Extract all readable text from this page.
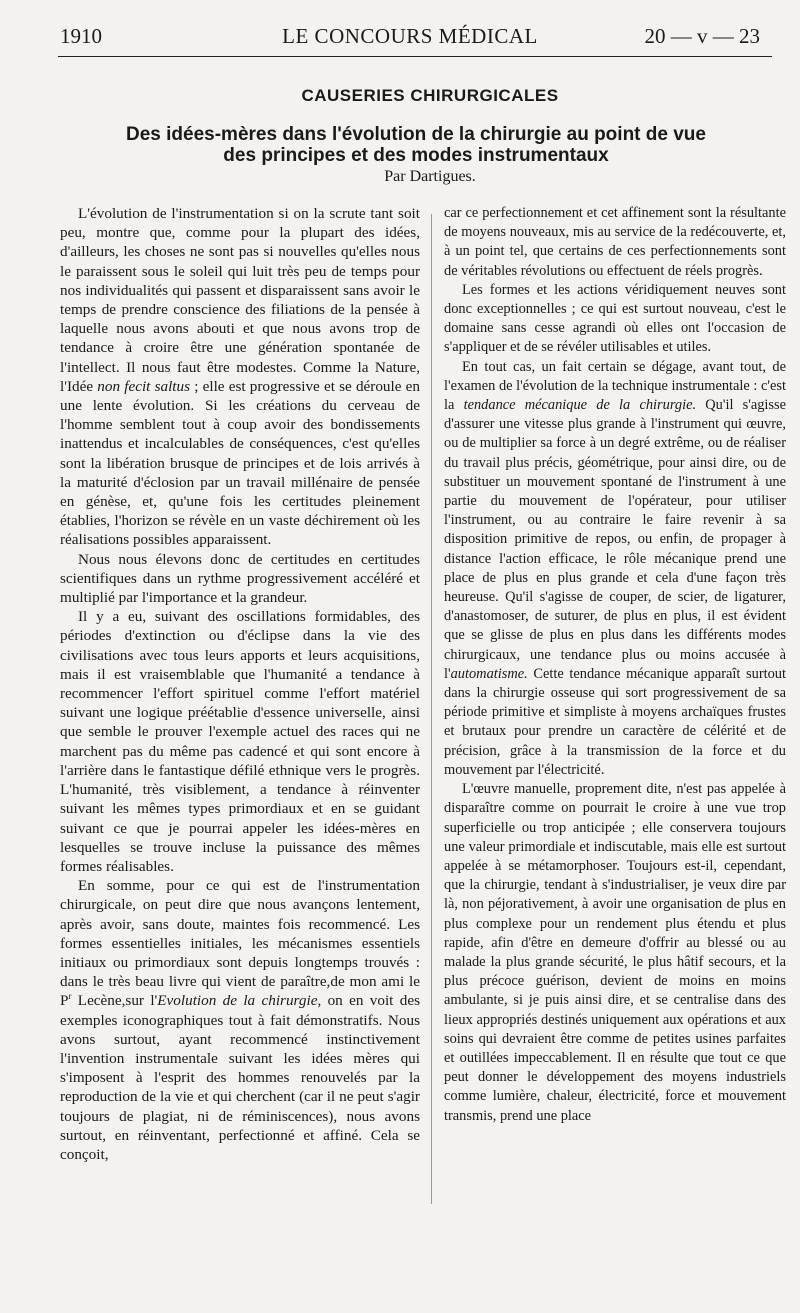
1910	LE CONCOURS MÉDICAL	20 — v — 23
CAUSERIES CHIRURGICALES
Des idées-mères dans l'évolution de la chirurgie au point de vue
des principes et des modes instrumentaux
Par Dartigues.

L'évolution de l'instrumentation si on la scrute tant soit peu, montre que, comme pour la plupart des idées, d'ailleurs, les choses ne sont pas si nouvelles qu'elles nous le paraissent sous le soleil qui luit très peu de temps pour nos individualités qui passent et disparaissent sans avoir le temps de prendre conscience des filiations de la pensée à laquelle nous avons abouti et que nous avons trop de tendance à croire être une génération spontanée de l'intellect. Il nous faut être modestes. Comme la Nature, l'Idée non fecit saltus ; elle est progressive et se déroule en une lente évolution. Si les créations du cerveau de l'homme semblent tout à coup avoir des bondissements inattendus et incalculables de conséquences, c'est qu'elles sont la libération brusque de principes et de lois arrivés à la maturité d'éclosion par un travail millénaire de pensée en génèse, et, qu'une fois les certitudes pleinement établies, l'horizon se révèle en un vaste déchirement où les réalisations possibles apparaissent.

Nous nous élevons donc de certitudes en certitudes scientifiques dans un rythme progressivement accéléré et multiplié par l'importance et la grandeur.

Il y a eu, suivant des oscillations formidables, des périodes d'extinction ou d'éclipse dans la vie des civilisations avec tous leurs apports et leurs acquisitions, mais il est vraisemblable que l'humanité a tendance à recommencer l'effort spirituel comme l'effort matériel suivant une logique préétablie d'essence universelle, ainsi que semble le prouver l'exemple actuel des races qui ne marchent pas du même pas cadencé et qui sont encore à l'arrière dans le fantastique défilé ethnique vers le progrès. L'humanité, très visiblement, a tendance à réinventer suivant les mêmes types primordiaux et en se guidant suivant ce que je pourrai appeler les idées-mères en lesquelles se trouve incluse la puissance des mêmes formes réalisables.

En somme, pour ce qui est de l'instrumentation chirurgicale, on peut dire que nous avançons lentement, après avoir, sans doute, maintes fois recommencé. Les formes essentielles initiales, les mécanismes essentiels initiaux ou primordiaux sont depuis longtemps trouvés : dans le très beau livre qui vient de paraître,de mon ami le $P^r$ Lecène,sur l'Evolution de la chirurgie, on en voit des exemples iconographiques tout à fait démonstratifs. Nous avons surtout, ayant recommencé instinctivement l'invention instrumentale suivant les idées mères qui s'imposent à l'esprit des hommes renouvelés par la reproduction de la vie et qui cherchent (car il ne peut s'agir toujours de plagiat, ni de réminiscences), nous avons surtout, en réinventant, perfectionné et affiné. Cela se conçoit,

car ce perfectionnement et cet affinement sont la résultante de moyens nouveaux, mis au service de la redécouverte, et, à un point tel, que certains de ces perfectionnements sont de véritables révolutions ou effectuent de réels progrès.

Les formes et les actions véridiquement neuves sont donc exceptionnelles ; ce qui est surtout nouveau, c'est le domaine sans cesse agrandi où elles ont l'occasion de s'appliquer et de se révéler utilisables et utiles.

En tout cas, un fait certain se dégage, avant tout, de l'examen de l'évolution de la technique instrumentale : c'est la tendance mécanique de la chirurgie. Qu'il s'agisse d'assurer une vitesse plus grande à l'instrument qui œuvre, ou de multiplier sa force à un degré extrême, ou de réaliser du travail plus précis, géométrique, pour ainsi dire, ou de substituer un mouvement spontané de l'instrument à une partie du mouvement de l'opérateur, pour utiliser l'instrument, ou au contraire le faire revenir à sa disposition primitive de repos, ou enfin, de propager à distance l'action efficace, le rôle mécanique prend une place de plus en plus grande et cela d'une façon très heureuse. Qu'il s'agisse de couper, de scier, de ligaturer, d'anastomoser, de suturer, de plus en plus, il est évident que se glisse de plus en plus dans les différents modes chirurgicaux, une tendance plus ou moins accusée à l'automatisme. Cette tendance mécanique apparaît surtout dans la chirurgie osseuse qui sort progressivement de sa période primitive et simpliste à moyens archaïques frustes et brutaux pour prendre un caractère de célérité et de précision, grâce à la transmission de la force et du mouvement par l'électricité.

L'œuvre manuelle, proprement dite, n'est pas appelée à disparaître comme on pourrait le croire à une vue trop superficielle ou trop anticipée ; elle conservera toujours une valeur primordiale et indiscutable, mais elle est surtout appelée à se métamorphoser. Toujours est-il, cependant, que la chirurgie, tendant à s'industrialiser, je veux dire par là, non péjorativement, à avoir une organisation de plus en plus complexe pour un rendement plus étendu et plus rapide, afin d'être en demeure d'offrir au blessé ou au malade la plus grande sécurité, le plus hâtif secours, et la plus précoce guérison, devient de moins en moins ambulante, si je puis ainsi dire, et se centralise dans des lieux appropriés destinés uniquement aux opérations et aux soins qui devraient être comme de petites usines parfaites et outillées impeccablement. Il en résulte que tout ce que peut donner le développement des moyens industriels comme lumière, chaleur, électricité, force et mouvement transmis, prend une place
